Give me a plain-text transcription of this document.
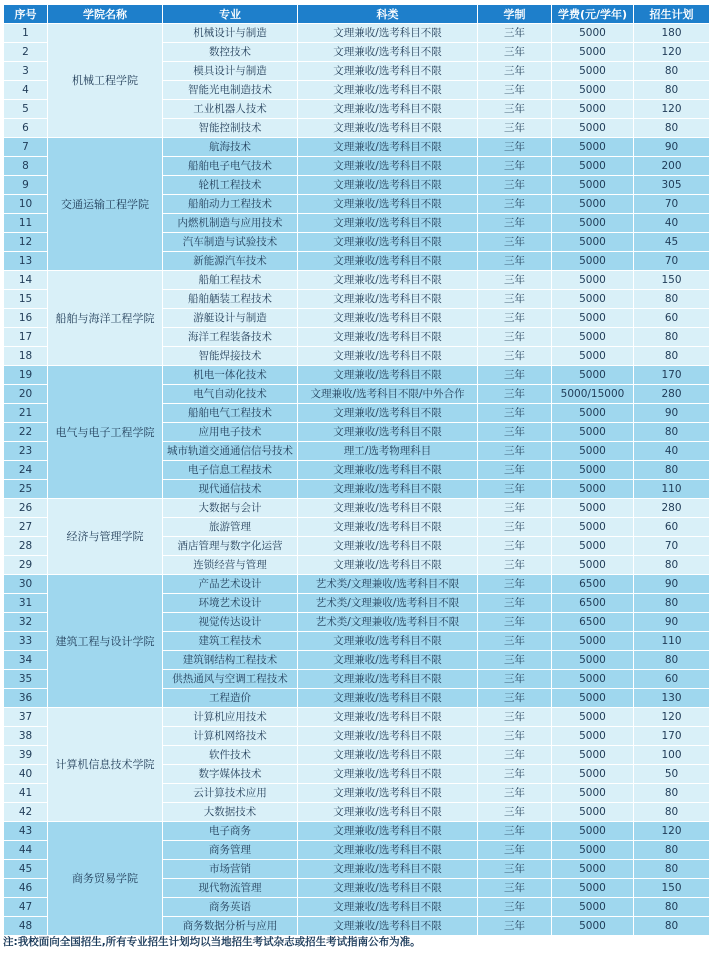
序号	学院名称	专业	科类	学制	学费(元/学年)	招生计划
1	机械工程学院	机械设计与制造	文理兼收/选考科目不限	三年	5000	180
2		数控技术	文理兼收/选考科目不限	三年	5000	120
3		模具设计与制造	文理兼收/选考科目不限	三年	5000	80
4		智能光电制造技术	文理兼收/选考科目不限	三年	5000	80
5		工业机器人技术	文理兼收/选考科目不限	三年	5000	120
6		智能控制技术	文理兼收/选考科目不限	三年	5000	80
7	交通运输工程学院	航海技术	文理兼收/选考科目不限	三年	5000	90
8		船舶电子电气技术	文理兼收/选考科目不限	三年	5000	200
9		轮机工程技术	文理兼收/选考科目不限	三年	5000	305
10		船舶动力工程技术	文理兼收/选考科目不限	三年	5000	70
11		内燃机制造与应用技术	文理兼收/选考科目不限	三年	5000	40
12		汽车制造与试验技术	文理兼收/选考科目不限	三年	5000	45
13		新能源汽车技术	文理兼收/选考科目不限	三年	5000	70
14	船舶与海洋工程学院	船舶工程技术	文理兼收/选考科目不限	三年	5000	150
15		船舶舾装工程技术	文理兼收/选考科目不限	三年	5000	80
16		游艇设计与制造	文理兼收/选考科目不限	三年	5000	60
17		海洋工程装备技术	文理兼收/选考科目不限	三年	5000	80
18		智能焊接技术	文理兼收/选考科目不限	三年	5000	80
19	电气与电子工程学院	机电一体化技术	文理兼收/选考科目不限	三年	5000	170
20		电气自动化技术	文理兼收/选考科目不限/中外合作	三年	5000/15000	280
21		船舶电气工程技术	文理兼收/选考科目不限	三年	5000	90
22		应用电子技术	文理兼收/选考科目不限	三年	5000	80
23		城市轨道交通通信信号技术	理工/选考物理科目	三年	5000	40
24		电子信息工程技术	文理兼收/选考科目不限	三年	5000	80
25		现代通信技术	文理兼收/选考科目不限	三年	5000	110
26	经济与管理学院	大数据与会计	文理兼收/选考科目不限	三年	5000	280
27		旅游管理	文理兼收/选考科目不限	三年	5000	60
28		酒店管理与数字化运营	文理兼收/选考科目不限	三年	5000	70
29		连锁经营与管理	文理兼收/选考科目不限	三年	5000	80
30	建筑工程与设计学院	产品艺术设计	艺术类/文理兼收/选考科目不限	三年	6500	90
31		环境艺术设计	艺术类/文理兼收/选考科目不限	三年	6500	80
32		视觉传达设计	艺术类/文理兼收/选考科目不限	三年	6500	90
33		建筑工程技术	文理兼收/选考科目不限	三年	5000	110
34		建筑钢结构工程技术	文理兼收/选考科目不限	三年	5000	80
35		供热通风与空调工程技术	文理兼收/选考科目不限	三年	5000	60
36		工程造价	文理兼收/选考科目不限	三年	5000	130
37	计算机信息技术学院	计算机应用技术	文理兼收/选考科目不限	三年	5000	120
38		计算机网络技术	文理兼收/选考科目不限	三年	5000	170
39		软件技术	文理兼收/选考科目不限	三年	5000	100
40		数字媒体技术	文理兼收/选考科目不限	三年	5000	50
41		云计算技术应用	文理兼收/选考科目不限	三年	5000	80
42		大数据技术	文理兼收/选考科目不限	三年	5000	80
43	商务贸易学院	电子商务	文理兼收/选考科目不限	三年	5000	120
44		商务管理	文理兼收/选考科目不限	三年	5000	80
45		市场营销	文理兼收/选考科目不限	三年	5000	80
46		现代物流管理	文理兼收/选考科目不限	三年	5000	150
47		商务英语	文理兼收/选考科目不限	三年	5000	80
48		商务数据分析与应用	文理兼收/选考科目不限	三年	5000	80
注:我校面向全国招生,所有专业招生计划均以当地招生考试杂志或招生考试指南公布为准。
